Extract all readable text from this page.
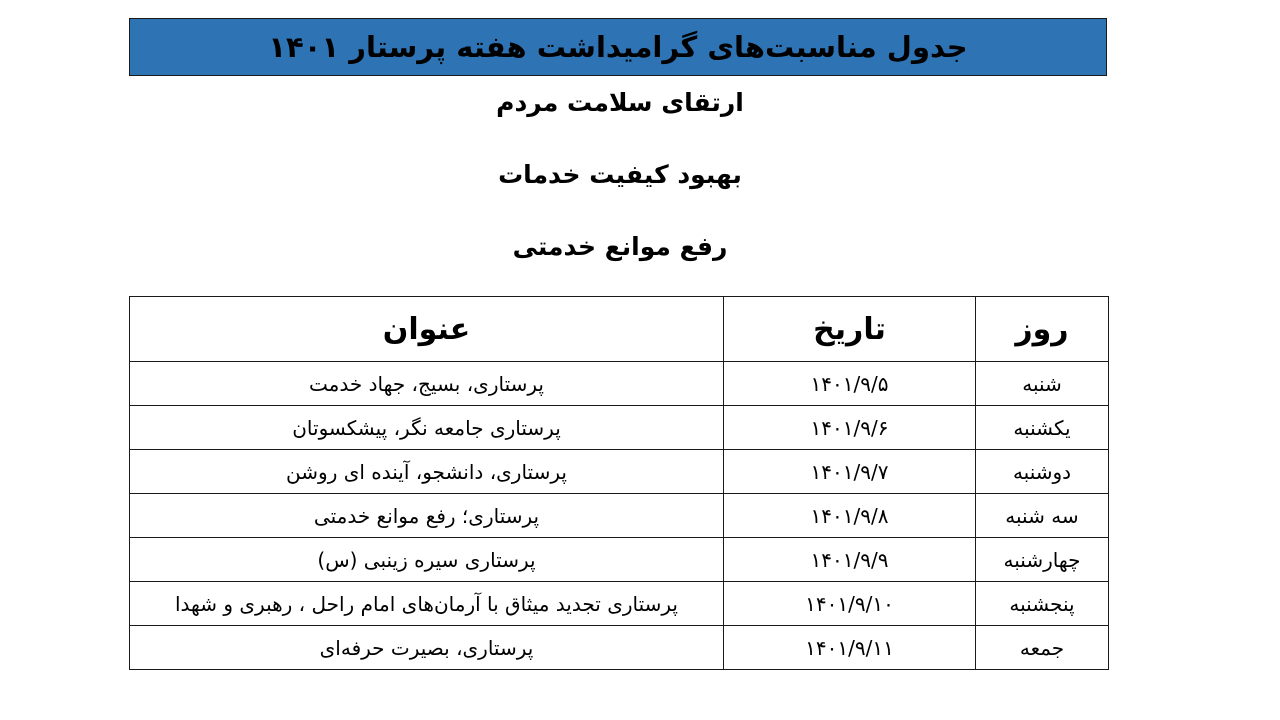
جدول مناسبت‌های گرامیداشت هفته پرستار ۱۴۰۱
ارتقای سلامت مردم
بهبود کیفیت خدمات
رفع موانع خدمتی
روز	تاریخ	عنوان
شنبه	۱۴۰۱/۹/۵	پرستاری، بسیج، جهاد خدمت
یکشنبه	۱۴۰۱/۹/۶	پرستاری جامعه نگر، پیشکسوتان
دوشنبه	۱۴۰۱/۹/۷	پرستاری، دانشجو، آینده ای روشن
سه شنبه	۱۴۰۱/۹/۸	پرستاری؛ رفع موانع خدمتی
چهارشنبه	۱۴۰۱/۹/۹	پرستاری سیره زینبی (س)
پنجشنبه	۱۴۰۱/۹/۱۰	پرستاری تجدید میثاق با آرمان‌های امام راحل ، رهبری و شهدا
جمعه	۱۴۰۱/۹/۱۱	پرستاری، بصیرت حرفه‌ای
